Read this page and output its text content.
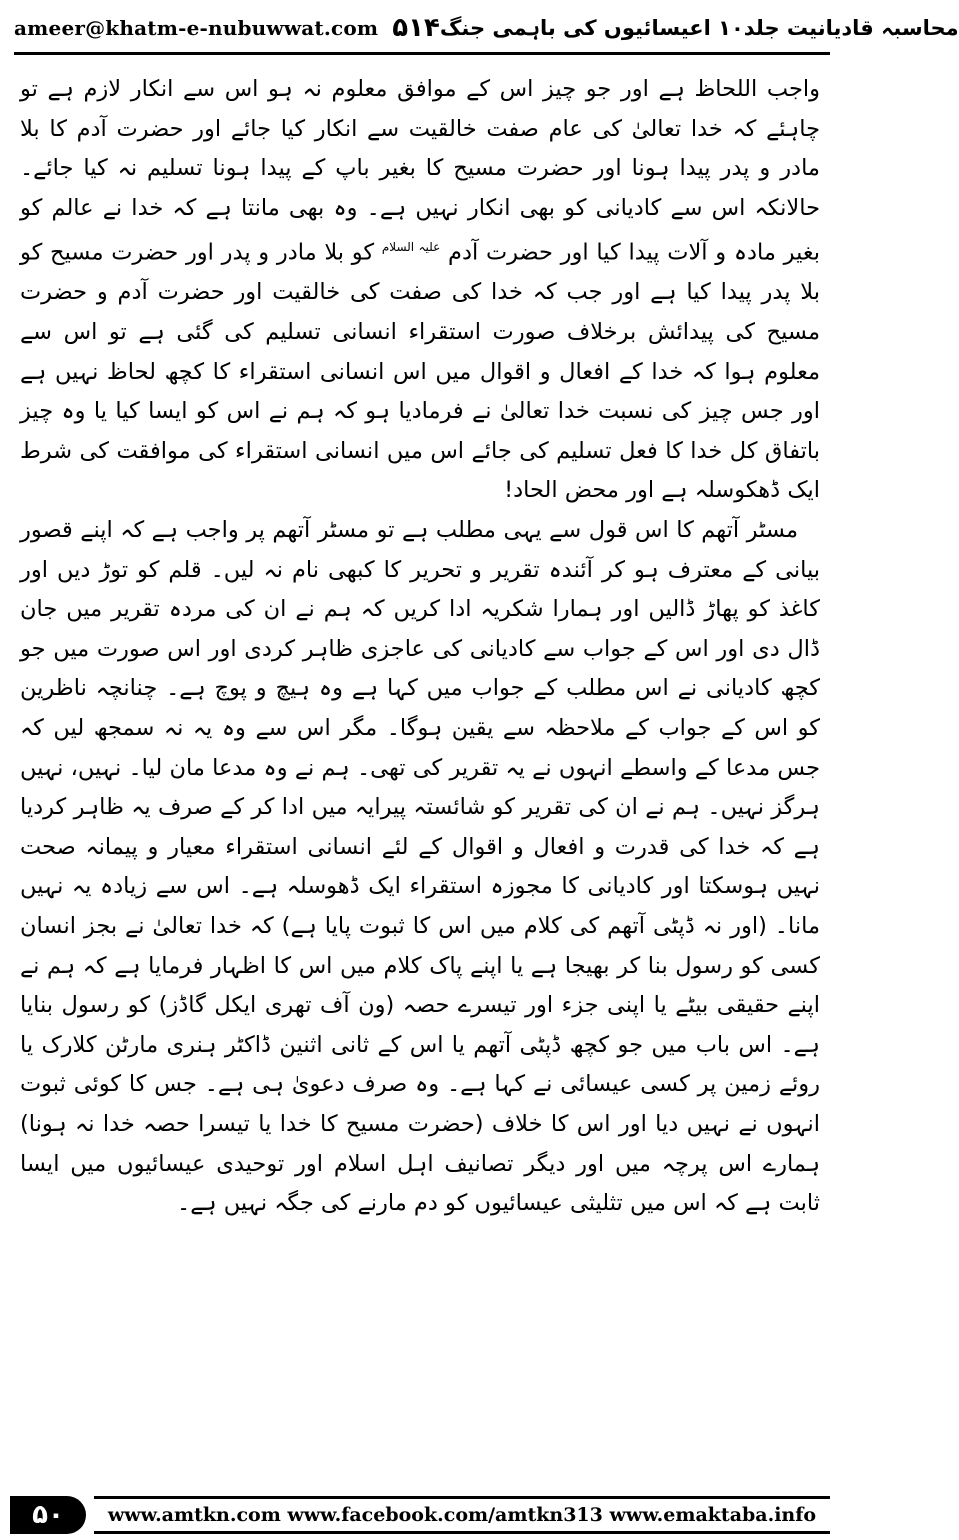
ameer@khatm-e-nubuwwat.com ۵۱۴ محاسبہ قادیانیت جلد۱۰ اعیسائیوں کی باہمی جنگ

واجب اللحاظ ہے اور جو چیز اس کے موافق معلوم نہ ہو اس سے انکار لازم ہے تو چاہئے کہ خدا تعالیٰ کی عام صفت خالقیت سے انکار کیا جائے اور حضرت آدم کا بلا مادر و پدر پیدا ہونا اور حضرت مسیح کا بغیر باپ کے پیدا ہونا تسلیم نہ کیا جائے۔ حالانکہ اس سے کادیانی کو بھی انکار نہیں ہے۔ وہ بھی مانتا ہے کہ خدا نے عالم کو بغیر مادہ و آلات پیدا کیا اور حضرت آدم $^{علیہ السلام}$ کو بلا مادر و پدر اور حضرت مسیح کو بلا پدر پیدا کیا ہے اور جب کہ خدا کی صفت کی خالقیت اور حضرت آدم و حضرت مسیح کی پیدائش برخلاف صورت استقراء انسانی تسلیم کی گئی ہے تو اس سے معلوم ہوا کہ خدا کے افعال و اقوال میں اس انسانی استقراء کا کچھ لحاظ نہیں ہے اور جس چیز کی نسبت خدا تعالیٰ نے فرمادیا ہو کہ ہم نے اس کو ایسا کیا یا وہ چیز باتفاق کل خدا کا فعل تسلیم کی جائے اس میں انسانی استقراء کی موافقت کی شرط ایک ڈھکوسلہ ہے اور محض الحاد!

مسٹر آتھم کا اس قول سے یہی مطلب ہے تو مسٹر آتھم پر واجب ہے کہ اپنے قصور بیانی کے معترف ہو کر آئندہ تقریر و تحریر کا کبھی نام نہ لیں۔ قلم کو توڑ دیں اور کاغذ کو پھاڑ ڈالیں اور ہمارا شکریہ ادا کریں کہ ہم نے ان کی مردہ تقریر میں جان ڈال دی اور اس کے جواب سے کادیانی کی عاجزی ظاہر کردی اور اس صورت میں جو کچھ کادیانی نے اس مطلب کے جواب میں کہا ہے وہ ہیچ و پوچ ہے۔ چنانچہ ناظرین کو اس کے جواب کے ملاحظہ سے یقین ہوگا۔ مگر اس سے وہ یہ نہ سمجھ لیں کہ جس مدعا کے واسطے انہوں نے یہ تقریر کی تھی۔ ہم نے وہ مدعا مان لیا۔ نہیں، نہیں ہرگز نہیں۔ ہم نے ان کی تقریر کو شائستہ پیرایہ میں ادا کر کے صرف یہ ظاہر کردیا ہے کہ خدا کی قدرت و افعال و اقوال کے لئے انسانی استقراء معیار و پیمانہ صحت نہیں ہوسکتا اور کادیانی کا مجوزہ استقراء ایک ڈھوسلہ ہے۔ اس سے زیادہ یہ نہیں مانا۔ (اور نہ ڈپٹی آتھم کی کلام میں اس کا ثبوت پایا ہے) کہ خدا تعالیٰ نے بجز انسان کسی کو رسول بنا کر بھیجا ہے یا اپنے پاک کلام میں اس کا اظہار فرمایا ہے کہ ہم نے اپنے حقیقی بیٹے یا اپنی جزء اور تیسرے حصہ (ون آف تھری ایکل گاڈز) کو رسول بنایا ہے۔ اس باب میں جو کچھ ڈپٹی آتھم یا اس کے ثانی اثنین ڈاکٹر ہنری مارٹن کلارک یا روئے زمین پر کسی عیسائی نے کہا ہے۔ وہ صرف دعویٰ ہی ہے۔ جس کا کوئی ثبوت انہوں نے نہیں دیا اور اس کا خلاف (حضرت مسیح کا خدا یا تیسرا حصہ خدا نہ ہونا) ہمارے اس پرچہ میں اور دیگر تصانیف اہل اسلام اور توحیدی عیسائیوں میں ایسا ثابت ہے کہ اس میں تثلیثی عیسائیوں کو دم مارنے کی جگہ نہیں ہے۔

۵۰ www.amtkn.com www.facebook.com/amtkn313 www.emaktaba.info
